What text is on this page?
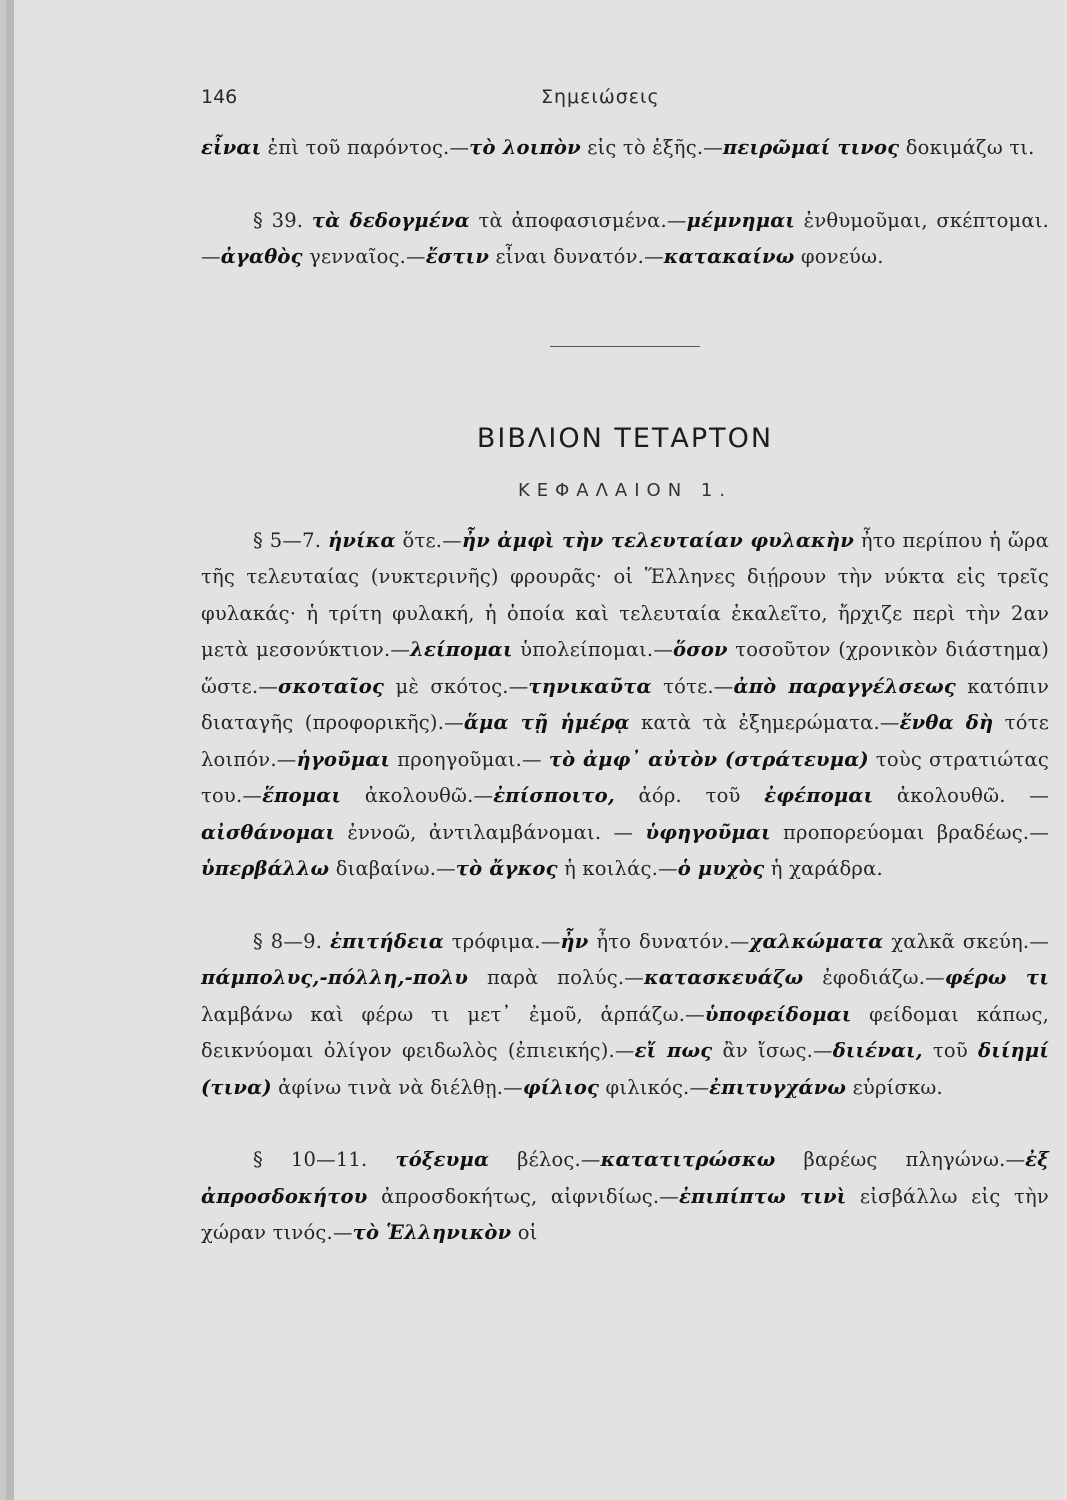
146	Σημειώσεις

εἶναι ἐπὶ τοῦ παρόντος.—τὸ λοιπὸν εἰς τὸ ἑξῆς.—πειρῶμαί τινος δοκιμάζω τι.

§ 39. τὰ δεδογμένα τὰ ἀποφασισμένα.—μέμνημαι ἐνθυμοῦμαι, σκέπτομαι.—ἀγαθὸς γενναῖος.—ἔστιν εἶναι δυνατόν.—κατακαίνω φονεύω.

ΒΙΒΛΙΟΝ ΤΕΤΑΡΤΟΝ
ΚΕΦΑΛΑΙΟΝ 1.

§ 5—7. ἡνίκα ὅτε.—ἦν ἀμφὶ τὴν τελευταίαν φυλακὴν ἦτο περίπου ἡ ὥρα τῆς τελευταίας (νυκτερινῆς) φρουρᾶς· οἱ Ἕλληνες διῄρουν τὴν νύκτα εἰς τρεῖς φυλακάς· ἡ τρίτη φυλακή, ἡ ὁποία καὶ τελευταία ἐκαλεῖτο, ἤρχιζε περὶ τὴν 2αν μετὰ μεσονύκτιον.—λείπομαι ὑπολείπομαι.—ὅσον τοσοῦτον (χρονικὸν διάστημα) ὥστε.—σκοταῖος μὲ σκότος.—τηνικαῦτα τότε.—ἀπὸ παραγγέλσεως κατόπιν διαταγῆς (προφορικῆς).—ἅμα τῇ ἡμέρᾳ κατὰ τὰ ἐξημερώματα.—ἔνθα δὴ τότε λοιπόν.—ἡγοῦμαι προηγοῦμαι.— τὸ ἀμφ᾽ αὐτὸν (στράτευμα) τοὺς στρατιώτας του.—ἕπομαι ἀκολουθῶ.—ἐπίσποιτο, ἀόρ. τοῦ ἐφέπομαι ἀκολουθῶ. — αἰσθάνομαι ἐννοῶ, ἀντιλαμβάνομαι. — ὑφηγοῦμαι προπορεύομαι βραδέως.—ὑπερβάλλω διαβαίνω.—τὸ ἄγκος ἡ κοιλάς.—ὁ μυχὸς ἡ χαράδρα.

§ 8—9. ἐπιτήδεια τρόφιμα.—ἦν ἦτο δυνατόν.—χαλκώματα χαλκᾶ σκεύη.—πάμπολυς,-πόλλη,-πολυ παρὰ πολύς.—κατασκευάζω ἐφοδιάζω.—φέρω τι λαμβάνω καὶ φέρω τι μετ᾽ ἐμοῦ, ἁρπάζω.—ὑποφείδομαι φείδομαι κάπως, δεικνύομαι ὀλίγον φειδωλὸς (ἐπιεικής).—εἴ πως ἂν ἴσως.—διιέναι, τοῦ διίημί (τινα) ἀφίνω τινὰ νὰ διέλθῃ.—φίλιος φιλικός.—ἐπιτυγχάνω εὑρίσκω.

§ 10—11. τόξευμα βέλος.—κατατιτρώσκω βαρέως πληγώνω.—ἐξ ἀπροσδοκήτου ἀπροσδοκήτως, αἰφνιδίως.—ἐπιπίπτω τινὶ εἰσβάλλω εἰς τὴν χώραν τινός.—τὸ Ἑλληνικὸν οἱ
